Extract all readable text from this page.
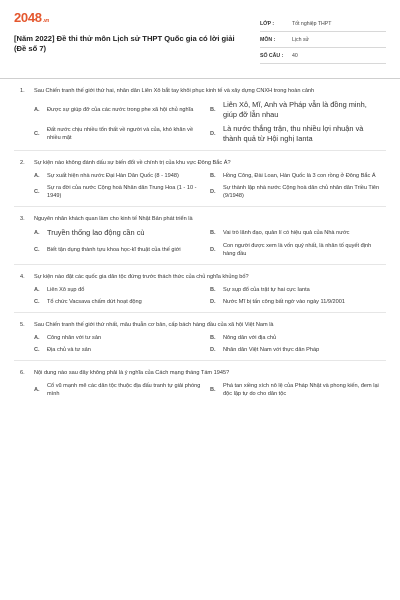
2048.vn
[Năm 2022] Đề thi thử môn Lịch sử THPT Quốc gia có lời giải (Đề số 7)
LỚP :	Tốt nghiệp THPT
MÔN :	Lịch sử
SỐ CÂU :	40
1.	Sau Chiến tranh thế giới thứ hai, nhân dân Liên Xô bắt tay khôi phục kinh tế và xây dựng CNXH trong hoàn cảnh
A.	Được sự giúp đỡ của các nước trong phe xã hội chủ nghĩa	B.
Liên Xô, Mĩ, Anh và Pháp vẫn là đồng minh, giúp đỡ lẫn nhau
C.
Đất nước chịu nhiều tổn thất về người và của, khó khăn về nhiều mặt
D.
Là nước thắng trận, thu nhiều lợi nhuận và thành quả từ Hội nghị Ianta
2.	Sự kiện nào không đánh dấu sự biến đổi về chính trị của khu vực Đông Bắc Á?
A.	Sự xuất hiện nhà nước Đại Hàn Dân Quốc (8 - 1948)	B.	Hồng Công, Đài Loan, Hàn Quốc là 3 con rồng ở Đông Bắc Á
C.
Sự ra đời của nước Cộng hoà Nhân dân Trung Hoa (1 - 10 - 1949)
D.
Sự thành lập nhà nước Cộng hoà dân chủ nhân dân Triều Tiên (9/1948)
3.	Nguyên nhân khách quan làm cho kinh tế Nhật Bản phát triển là
A.	Truyền thống lao động cần cù	B.	Vai trò lãnh đạo, quản lí có hiệu quả của Nhà nước
C.	Biết tận dụng thành tựu khoa học-kĩ thuật của thế giới	D.
Con người được xem là vốn quý nhất, là nhân tố quyết định hàng đầu
4.	Sự kiện nào đặt các quốc gia dân tộc đứng trước thách thức của chủ nghĩa khủng bố?
A.	Liên Xô sụp đổ	B.	Sự sụp đổ của trật tự hai cực Ianta
C.	Tổ chức Vacsava chấm dứt hoạt động	D.	Nước Mĩ bị tấn công bất ngờ vào ngày 11/9/2001
5.	Sau Chiến tranh thế giới thứ nhất, mâu thuẫn cơ bản, cấp bách hàng đầu của xã hội Việt Nam là
A.	Công nhân với tư sản	B.	Nông dân với địa chủ
C.	Địa chủ và tư sản	D.	Nhân dân Việt Nam với thực dân Pháp
6.	Nội dung nào sau đây không phải là ý nghĩa của Cách mạng tháng Tám 1945?
A.
Cổ vũ mạnh mẽ các dân tộc thuộc địa đấu tranh tự giải phóng mình
B.
Phá tan xiềng xích nô lệ của Pháp Nhật và phong kiến, đem lại độc lập tự do cho dân tộc
